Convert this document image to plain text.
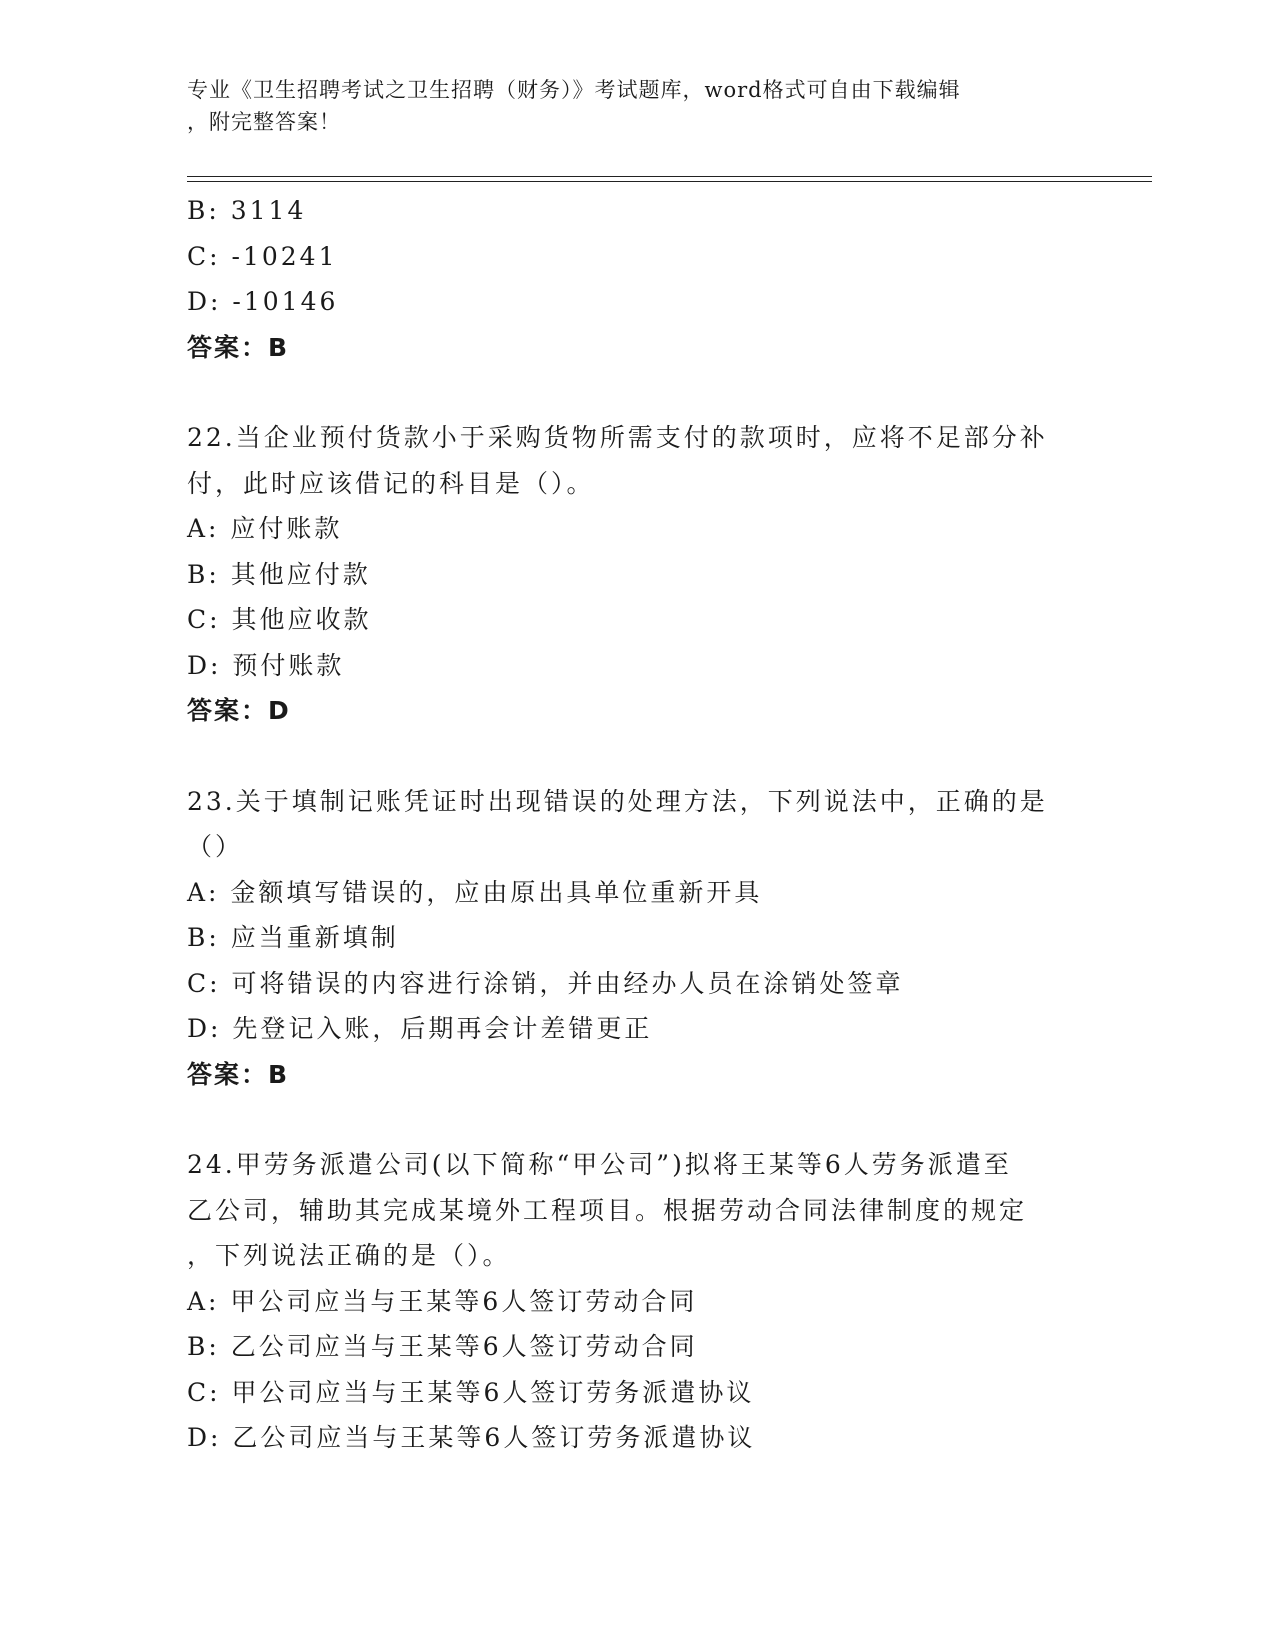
专业《卫生招聘考试之卫生招聘（财务）》考试题库，word格式可自由下载编辑
，附完整答案！
B: 3114
C: -10241
D: -10146
答案：B
22.当企业预付货款小于采购货物所需支付的款项时，应将不足部分补
付，此时应该借记的科目是（）。
A: 应付账款
B: 其他应付款
C: 其他应收款
D: 预付账款
答案：D
23.关于填制记账凭证时出现错误的处理方法，下列说法中，正确的是
（）
A: 金额填写错误的，应由原出具单位重新开具
B: 应当重新填制
C: 可将错误的内容进行涂销，并由经办人员在涂销处签章
D: 先登记入账，后期再会计差错更正
答案：B
24.甲劳务派遣公司(以下简称“甲公司”)拟将王某等6人劳务派遣至
乙公司，辅助其完成某境外工程项目。根据劳动合同法律制度的规定
，下列说法正确的是（）。
A: 甲公司应当与王某等6人签订劳动合同
B: 乙公司应当与王某等6人签订劳动合同
C: 甲公司应当与王某等6人签订劳务派遣协议
D: 乙公司应当与王某等6人签订劳务派遣协议
